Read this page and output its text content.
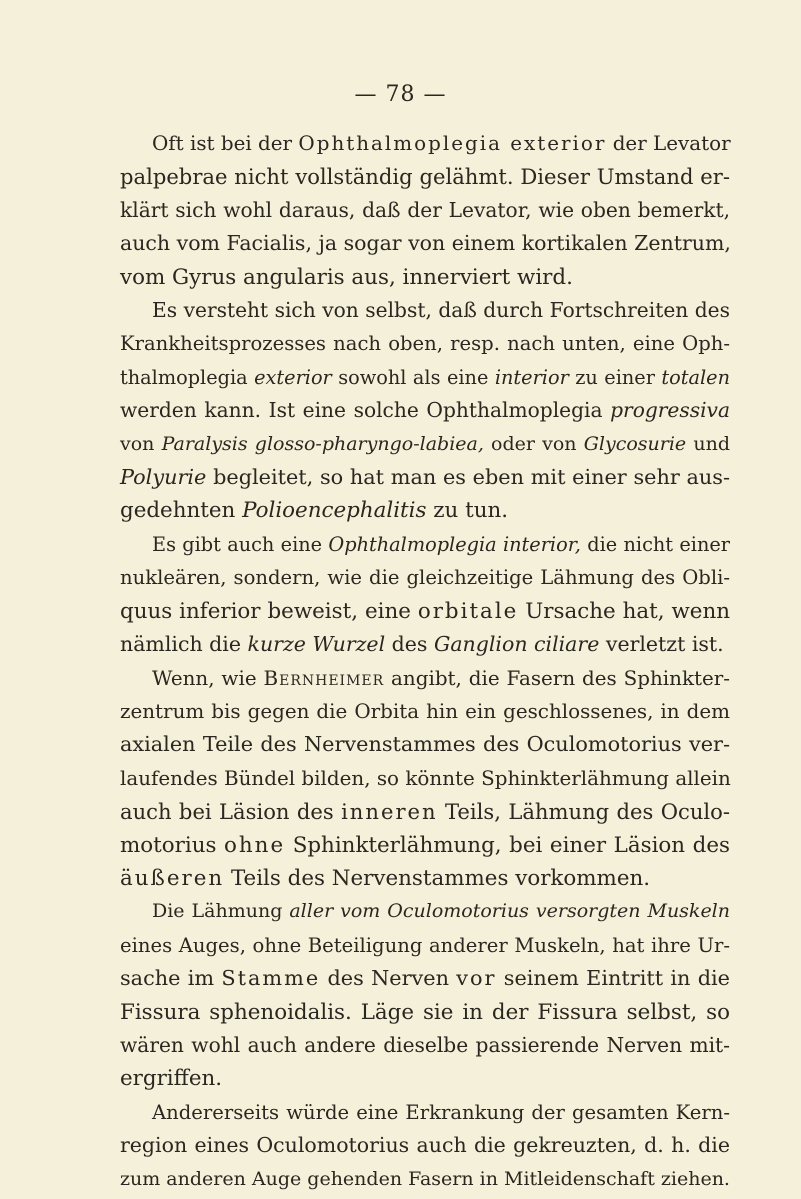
— 78 —
Oft ist bei der Ophthalmoplegia exterior der Levator
palpebrae nicht vollständig gelähmt. Dieser Umstand er-
klärt sich wohl daraus, daß der Levator, wie oben bemerkt,
auch vom Facialis, ja sogar von einem kortikalen Zentrum,
vom Gyrus angularis aus, innerviert wird.
Es versteht sich von selbst, daß durch Fortschreiten des
Krankheitsprozesses nach oben, resp. nach unten, eine Oph-
thalmoplegia exterior sowohl als eine interior zu einer totalen
werden kann. Ist eine solche Ophthalmoplegia progressiva
von Paralysis glosso-pharyngo-labiea, oder von Glycosurie und
Polyurie begleitet, so hat man es eben mit einer sehr aus-
gedehnten Polioencephalitis zu tun.
Es gibt auch eine Ophthalmoplegia interior, die nicht einer
nukleären, sondern, wie die gleichzeitige Lähmung des Obli-
quus inferior beweist, eine orbitale Ursache hat, wenn
nämlich die kurze Wurzel des Ganglion ciliare verletzt ist.
Wenn, wie Bernheimer angibt, die Fasern des Sphinkter-
zentrum bis gegen die Orbita hin ein geschlossenes, in dem
axialen Teile des Nervenstammes des Oculomotorius ver-
laufendes Bündel bilden, so könnte Sphinkterlähmung allein
auch bei Läsion des inneren Teils, Lähmung des Oculo-
motorius ohne Sphinkterlähmung, bei einer Läsion des
äußeren Teils des Nervenstammes vorkommen.
Die Lähmung aller vom Oculomotorius versorgten Muskeln
eines Auges, ohne Beteiligung anderer Muskeln, hat ihre Ur-
sache im Stamme des Nerven vor seinem Eintritt in die
Fissura sphenoidalis. Läge sie in der Fissura selbst, so
wären wohl auch andere dieselbe passierende Nerven mit-
ergriffen.
Andererseits würde eine Erkrankung der gesamten Kern-
region eines Oculomotorius auch die gekreuzten, d. h. die
zum anderen Auge gehenden Fasern in Mitleidenschaft ziehen.
